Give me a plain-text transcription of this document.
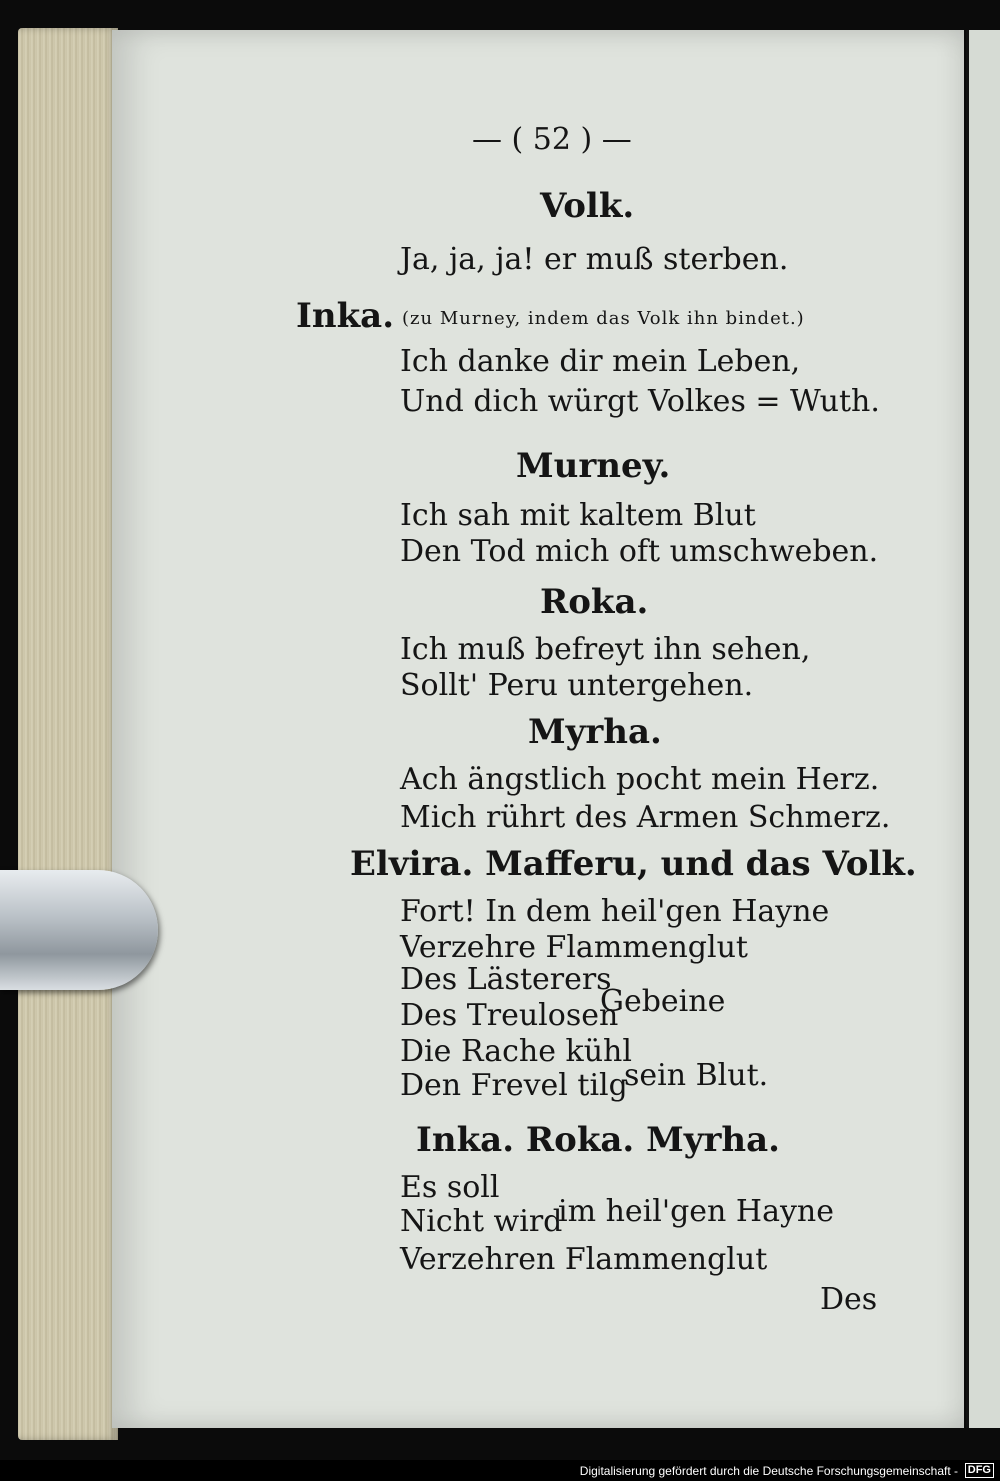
— ( 52 ) —
Volk.
Ja, ja, ja! er muß sterben.
Inka. (zu Murney, indem das Volk ihn bindet.)
Ich danke dir mein Leben,
Und dich würgt Volkes = Wuth.
Murney.
Ich sah mit kaltem Blut
Den Tod mich oft umschweben.
Roka.
Ich muß befreyt ihn sehen,
Sollt' Peru untergehen.
Myrha.
Ach ängstlich pocht mein Herz.
Mich rührt des Armen Schmerz.
Elvira. Mafferu, und das Volk.
Fort! In dem heil'gen Hayne
Verzehre Flammenglut
Des Lästerers
Des Treulosen
Gebeine
Die Rache kühl
Den Frevel tilg
sein Blut.
Inka. Roka. Myrha.
Es soll
Nicht wird
im heil'gen Hayne
Verzehren Flammenglut
Des
Digitalisierung gefördert durch die Deutsche Forschungsgemeinschaft - DFG
